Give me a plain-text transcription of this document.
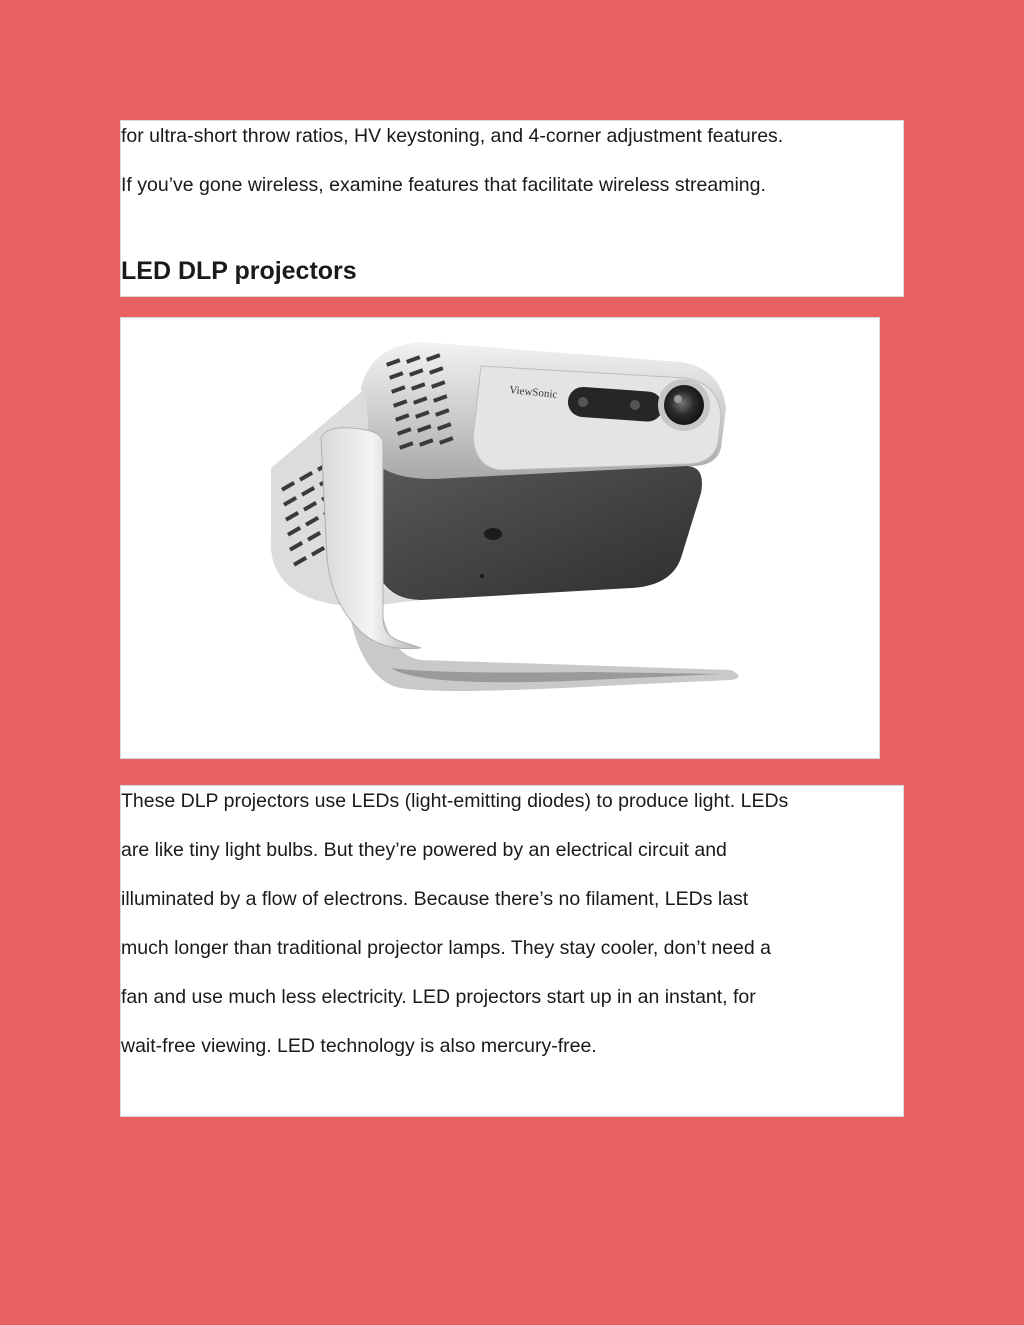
for ultra-short throw ratios, HV keystoning, and 4-corner adjustment features.

If you’ve gone wireless, examine features that facilitate wireless streaming.

LED DLP projectors
ViewSonic
These DLP projectors use LEDs (light-emitting diodes) to produce light. LEDs
are like tiny light bulbs. But they’re powered by an electrical circuit and
illuminated by a flow of electrons. Because there’s no filament, LEDs last
much longer than traditional projector lamps. They stay cooler, don’t need a
fan and use much less electricity. LED projectors start up in an instant, for
wait-free viewing. LED technology is also mercury-free.
